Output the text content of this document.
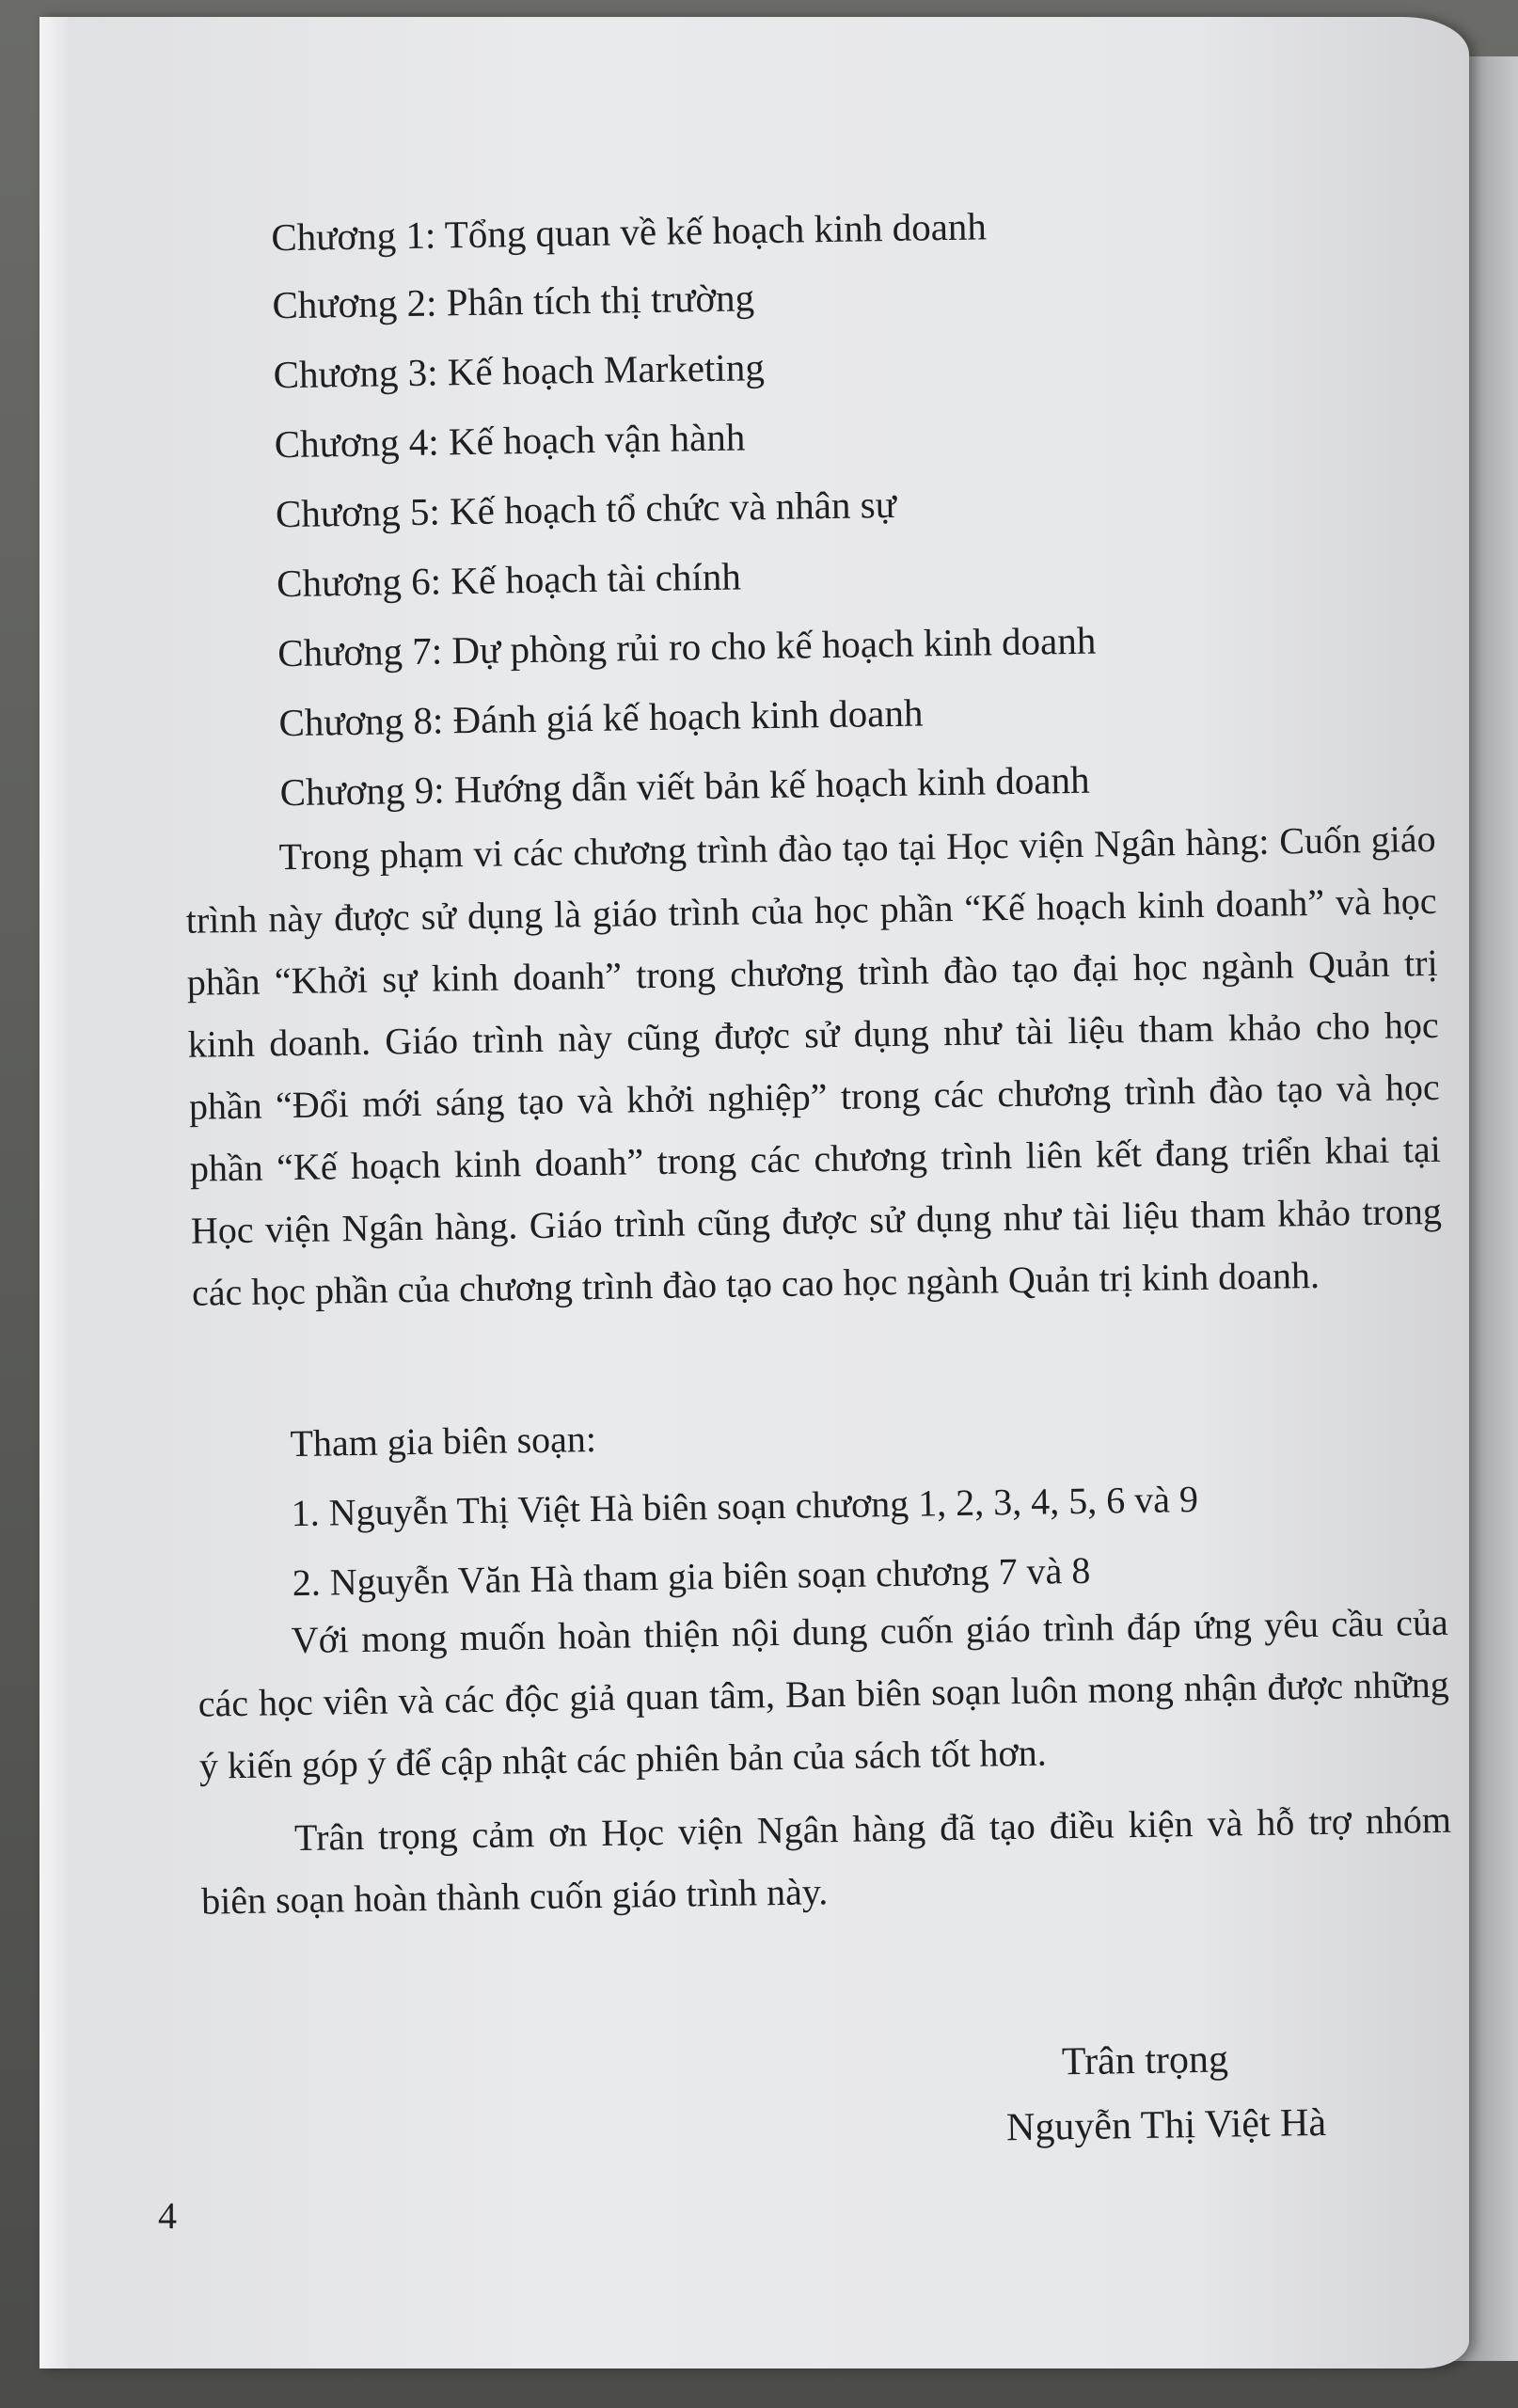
Chương 1: Tổng quan về kế hoạch kinh doanh
Chương 2: Phân tích thị trường
Chương 3: Kế hoạch Marketing
Chương 4: Kế hoạch vận hành
Chương 5: Kế hoạch tổ chức và nhân sự
Chương 6: Kế hoạch tài chính
Chương 7: Dự phòng rủi ro cho kế hoạch kinh doanh
Chương 8: Đánh giá kế hoạch kinh doanh
Chương 9: Hướng dẫn viết bản kế hoạch kinh doanh
Trong phạm vi các chương trình đào tạo tại Học viện Ngân hàng: Cuốn giáo trình này được sử dụng là giáo trình của học phần “Kế hoạch kinh doanh” và học phần “Khởi sự kinh doanh” trong chương trình đào tạo đại học ngành Quản trị kinh doanh. Giáo trình này cũng được sử dụng như tài liệu tham khảo cho học phần “Đổi mới sáng tạo và khởi nghiệp” trong các chương trình đào tạo và học phần “Kế hoạch kinh doanh” trong các chương trình liên kết đang triển khai tại Học viện Ngân hàng. Giáo trình cũng được sử dụng như tài liệu tham khảo trong các học phần của chương trình đào tạo cao học ngành Quản trị kinh doanh.
Tham gia biên soạn:
1. Nguyễn Thị Việt Hà biên soạn chương 1, 2, 3, 4, 5, 6 và 9
2. Nguyễn Văn Hà tham gia biên soạn chương 7 và 8
Với mong muốn hoàn thiện nội dung cuốn giáo trình đáp ứng yêu cầu của các học viên và các độc giả quan tâm, Ban biên soạn luôn mong nhận được những ý kiến góp ý để cập nhật các phiên bản của sách tốt hơn.
Trân trọng cảm ơn Học viện Ngân hàng đã tạo điều kiện và hỗ trợ nhóm biên soạn hoàn thành cuốn giáo trình này.
Trân trọng
Nguyễn Thị Việt Hà
4
